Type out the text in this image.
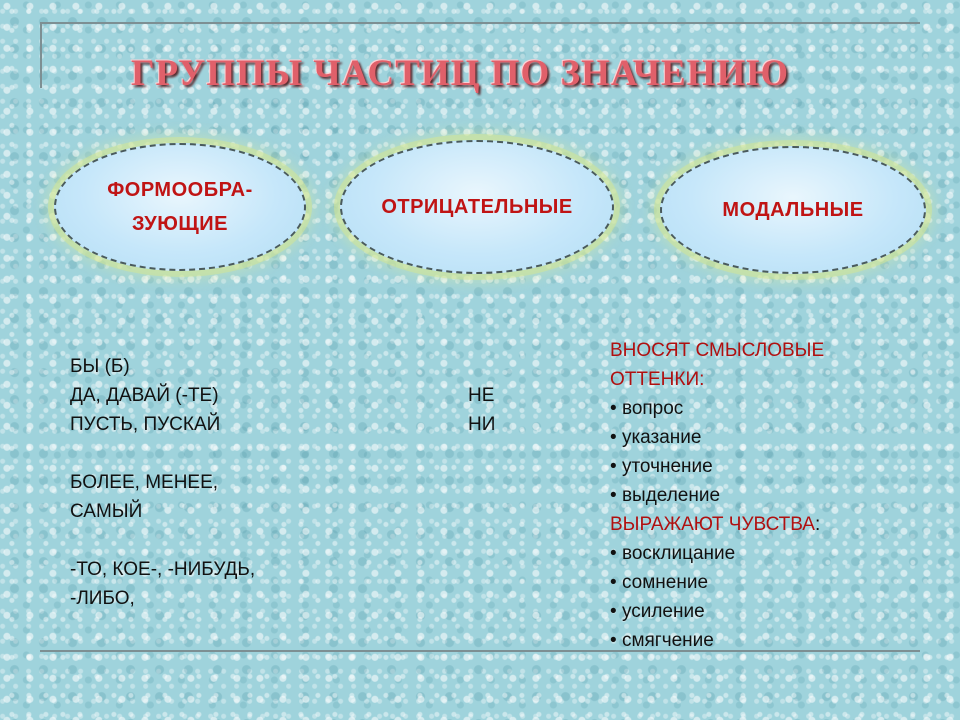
ГРУППЫ ЧАСТИЦ ПО ЗНАЧЕНИЮ
ФОРМООБРА-
ЗУЮЩИЕ
ОТРИЦАТЕЛЬНЫЕ	МОДАЛЬНЫЕ
БЫ (Б)
ДА, ДАВАЙ (-ТЕ)
ПУСТЬ, ПУСКАЙ
БОЛЕЕ, МЕНЕЕ,
САМЫЙ
-ТО, КОЕ-, -НИБУДЬ,
-ЛИБО,
НЕ
НИ
ВНОСЯТ СМЫСЛОВЫЕ
ОТТЕНКИ:
• вопрос
• указание
• уточнение
• выделение
ВЫРАЖАЮТ ЧУВСТВА:
• восклицание
• сомнение
• усиление
• смягчение
